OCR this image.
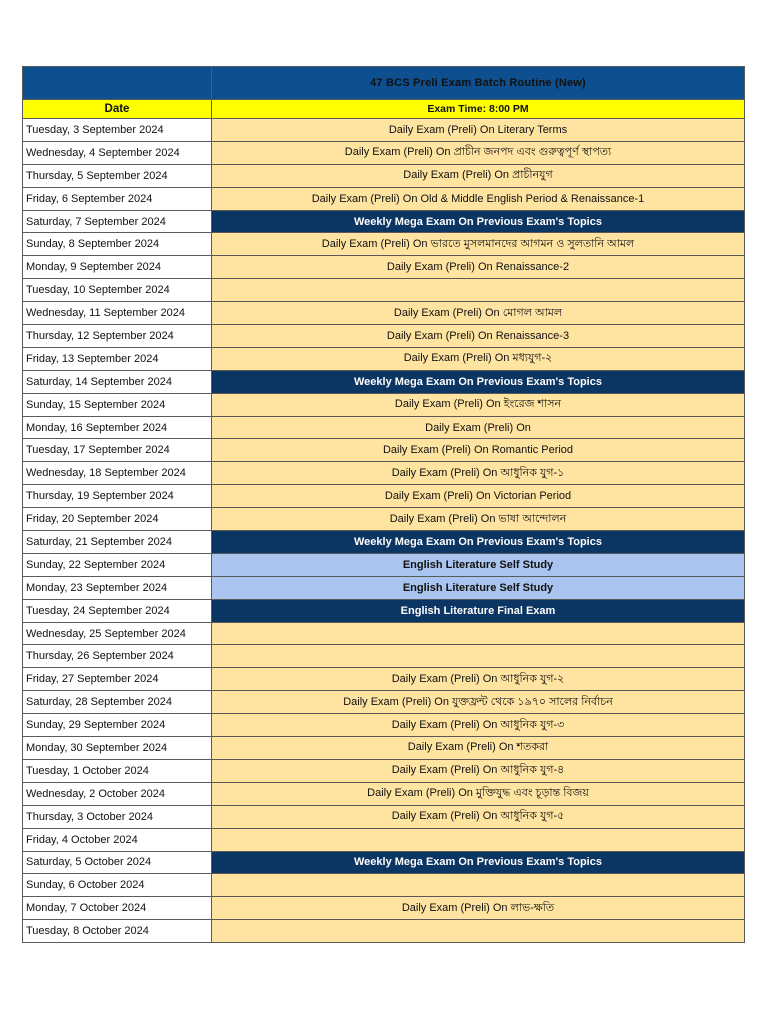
	47 BCS Preli Exam Batch Routine (New)
Date	Exam Time: 8:00 PM
Tuesday, 3 September 2024	Daily Exam (Preli) On Literary Terms
Wednesday, 4 September 2024	Daily Exam (Preli) On প্রাচীন জনপদ এবং গুরুত্বপূর্ণ স্থাপত্য
Thursday, 5 September 2024	Daily Exam (Preli) On প্রাচীনযুগ
Friday, 6 September 2024	Daily Exam (Preli) On Old & Middle English Period & Renaissance-1
Saturday, 7 September 2024	Weekly Mega Exam On Previous Exam's Topics
Sunday, 8 September 2024	Daily Exam (Preli) On ভারতে মুসলমানদের আগমন ও সুলতানি আমল
Monday, 9 September 2024	Daily Exam (Preli) On Renaissance-2
Tuesday, 10 September 2024	
Wednesday, 11 September 2024	Daily Exam (Preli) On মোগল আমল
Thursday, 12 September 2024	Daily Exam (Preli) On Renaissance-3
Friday, 13 September 2024	Daily Exam (Preli) On মধ্যযুগ-২
Saturday, 14 September 2024	Weekly Mega Exam On Previous Exam's Topics
Sunday, 15 September 2024	Daily Exam (Preli) On ইংরেজ শাসন
Monday, 16 September 2024	Daily Exam (Preli) On
Tuesday, 17 September 2024	Daily Exam (Preli) On Romantic Period
Wednesday, 18 September 2024	Daily Exam (Preli) On আধুনিক যুগ-১
Thursday, 19 September 2024	Daily Exam (Preli) On Victorian Period
Friday, 20 September 2024	Daily Exam (Preli) On ভাষা আন্দোলন
Saturday, 21 September 2024	Weekly Mega Exam On Previous Exam's Topics
Sunday, 22 September 2024	English Literature Self Study
Monday, 23 September 2024	English Literature Self Study
Tuesday, 24 September 2024	English Literature Final Exam
Wednesday, 25 September 2024	
Thursday, 26 September 2024	
Friday, 27 September 2024	Daily Exam (Preli) On আধুনিক যুগ-২
Saturday, 28 September 2024	Daily Exam (Preli) On যুক্তফ্রন্ট থেকে ১৯৭০ সালের নির্বাচন
Sunday, 29 September 2024	Daily Exam (Preli) On আধুনিক যুগ-৩
Monday, 30 September 2024	Daily Exam (Preli) On শতকরা
Tuesday, 1 October 2024	Daily Exam (Preli) On আধুনিক যুগ-৪
Wednesday, 2 October 2024	Daily Exam (Preli) On মুক্তিযুদ্ধ এবং চূড়ান্ত বিজয়
Thursday, 3 October 2024	Daily Exam (Preli) On আধুনিক যুগ-৫
Friday, 4 October 2024	
Saturday, 5 October 2024	Weekly Mega Exam On Previous Exam's Topics
Sunday, 6 October 2024	
Monday, 7 October 2024	Daily Exam (Preli) On লাভ-ক্ষতি
Tuesday, 8 October 2024	
